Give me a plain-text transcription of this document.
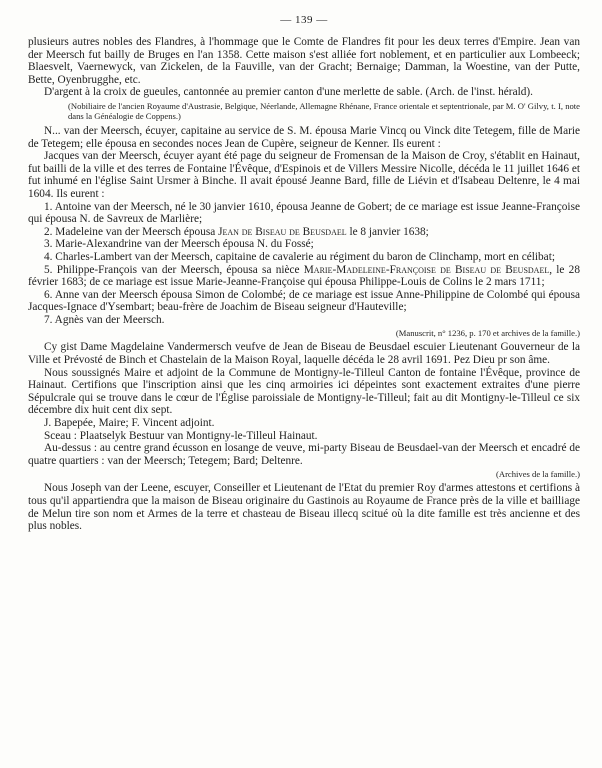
— 139 —

plusieurs autres nobles des Flandres, à l'hommage que le Comte de Flandres fit pour les deux terres d'Empire. Jean van der Meersch fut bailly de Bruges en l'an 1358. Cette maison s'est alliée fort noblement, et en particulier aux Lombeeck; Blaesvelt, Vaernewyck, van Zickelen, de la Fauville, van der Gracht; Bernaige; Damman, la Woestine, van der Putte, Bette, Oyenbrugghe, etc.

D'argent à la croix de gueules, cantonnée au premier canton d'une merlette de sable. (Arch. de l'inst. hérald).

(Nobiliaire de l'ancien Royaume d'Austrasie, Belgique, Néerlande, Allemagne Rhénane, France orientale et septentrionale, par M. O' Gilvy, t. I, note dans la Généalogie de Coppens.)

N... van der Meersch, écuyer, capitaine au service de S. M. épousa Marie Vincq ou Vinck dite Tetegem, fille de Marie de Tetegem; elle épousa en secondes noces Jean de Cupère, seigneur de Kenner. Ils eurent :

Jacques van der Meersch, écuyer ayant été page du seigneur de Fromensan de la Maison de Croy, s'établit en Hainaut, fut bailli de la ville et des terres de Fontaine l'Évêque, d'Espinois et de Villers Messire Nicolle, décéda le 11 juillet 1646 et fut inhumé en l'église Saint Ursmer à Binche. Il avait épousé Jeanne Bard, fille de Liévin et d'Isabeau Deltenre, le 4 mai 1604. Ils eurent :

1. Antoine van der Meersch, né le 30 janvier 1610, épousa Jeanne de Gobert; de ce mariage est issue Jeanne-Françoise qui épousa N. de Savreux de Marlière;

2. Madeleine van der Meersch épousa Jean de Biseau de Beusdael le 8 janvier 1638;

3. Marie-Alexandrine van der Meersch épousa N. du Fossé;

4. Charles-Lambert van der Meersch, capitaine de cavalerie au régiment du baron de Clinchamp, mort en célibat;

5. Philippe-François van der Meersch, épousa sa nièce Marie-Madeleine-Françoise de Biseau de Beusdael, le 28 février 1683; de ce mariage est issue Marie-Jeanne-Françoise qui épousa Philippe-Louis de Colins le 2 mars 1711;

6. Anne van der Meersch épousa Simon de Colombé; de ce mariage est issue Anne-Philippine de Colombé qui épousa Jacques-Ignace d'Ysembart; beau-frère de Joachim de Biseau seigneur d'Hauteville;

7. Agnès van der Meersch.

(Manuscrit, n° 1236, p. 170 et archives de la famille.)

Cy gist Dame Magdelaine Vandermersch veufve de Jean de Biseau de Beusdael escuier Lieutenant Gouverneur de la Ville et Prévosté de Binch et Chastelain de la Maison Royal, laquelle décéda le 28 avril 1691. Pez Dieu pr son âme.

Nous soussignés Maire et adjoint de la Commune de Montigny-le-Tilleul Canton de fontaine l'Évêque, province de Hainaut. Certifions que l'inscription ainsi que les cinq armoiries ici dépeintes sont exactement extraites d'une pierre Sépulcrale qui se trouve dans le cœur de l'Église paroissiale de Montigny-le-Tilleul; fait au dit Montigny-le-Tilleul ce six décembre dix huit cent dix sept.

J. Bapepée, Maire; F. Vincent adjoint.

Sceau : Plaatselyk Bestuur van Montigny-le-Tilleul Hainaut.

Au-dessus : au centre grand écusson en losange de veuve, mi-party Biseau de Beusdael-van der Meersch et encadré de quatre quartiers : van der Meersch; Tetegem; Bard; Deltenre.

(Archives de la famille.)

Nous Joseph van der Leene, escuyer, Conseiller et Lieutenant de l'Etat du premier Roy d'armes attestons et certifions à tous qu'il appartiendra que la maison de Biseau originaire du Gastinois au Royaume de France près de la ville et bailliage de Melun tire son nom et Armes de la terre et chasteau de Biseau illecq scitué où la dite famille est très ancienne et des plus nobles.
